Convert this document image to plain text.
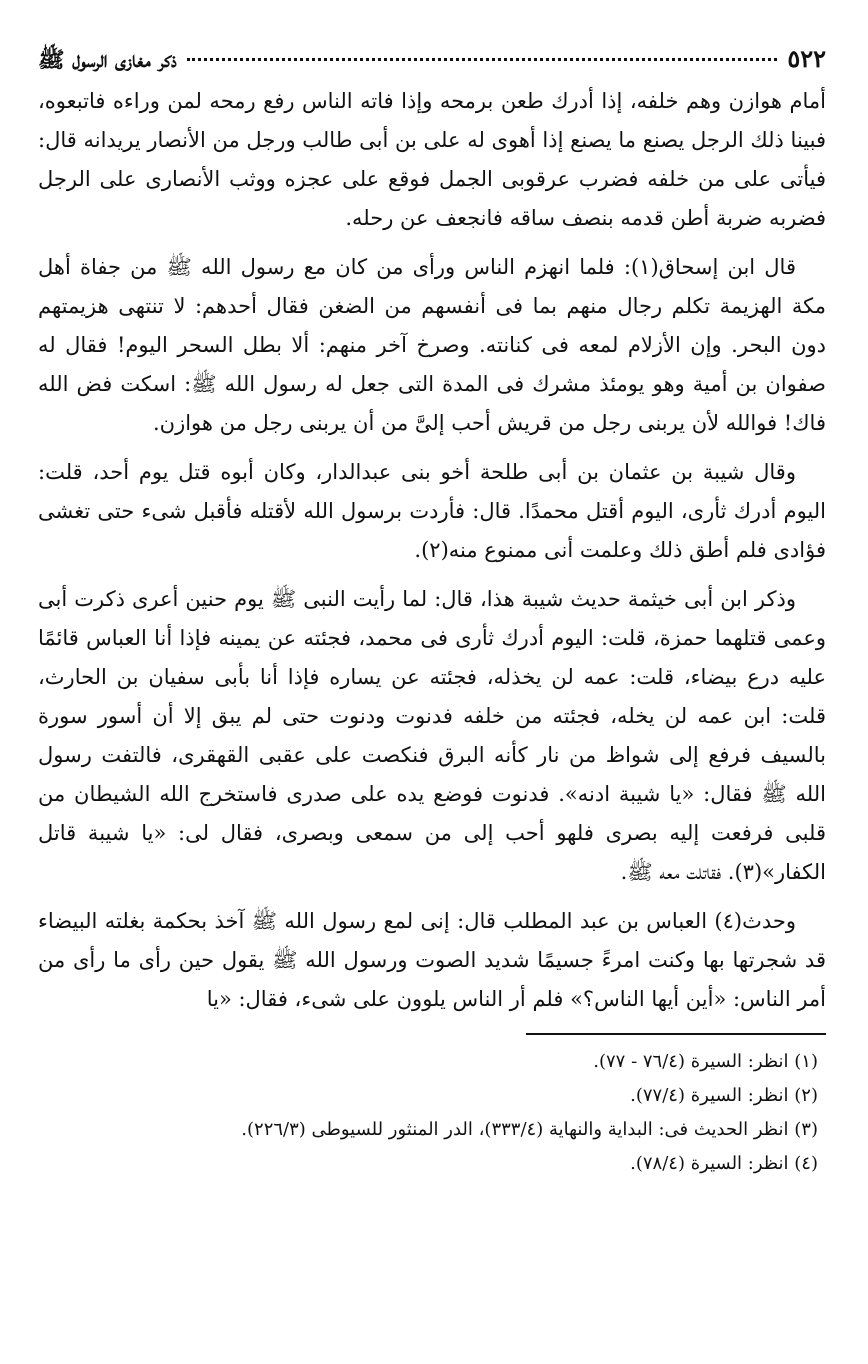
٥٢٢
ذكر مغازى الرسول ﷺ

أمام هوازن وهم خلفه، إذا أدرك طعن برمحه وإذا فاته الناس رفع رمحه لمن وراءه فاتبعوه، فبينا ذلك الرجل يصنع ما يصنع إذا أهوى له على بن أبى طالب ورجل من الأنصار يريدانه قال: فيأتى على من خلفه فضرب عرقوبى الجمل فوقع على عجزه ووثب الأنصارى على الرجل فضربه ضربة أطن قدمه بنصف ساقه فانجعف عن رحله.

قال ابن إسحاق(١): فلما انهزم الناس ورأى من كان مع رسول الله ﷺ من جفاة أهل مكة الهزيمة تكلم رجال منهم بما فى أنفسهم من الضغن فقال أحدهم: لا تنتهى هزيمتهم دون البحر. وإن الأزلام لمعه فى كنانته. وصرخ آخر منهم: ألا بطل السحر اليوم! فقال له صفوان بن أمية وهو يومئذ مشرك فى المدة التى جعل له رسول الله ﷺ: اسكت فض الله فاك! فوالله لأن يربنى رجل من قريش أحب إلىَّ من أن يربنى رجل من هوازن.

وقال شيبة بن عثمان بن أبى طلحة أخو بنى عبدالدار، وكان أبوه قتل يوم أحد، قلت: اليوم أدرك ثأرى، اليوم أقتل محمدًا. قال: فأردت برسول الله لأقتله فأقبل شىء حتى تغشى فؤادى فلم أطق ذلك وعلمت أنى ممنوع منه(٢).

وذكر ابن أبى خيثمة حديث شيبة هذا، قال: لما رأيت النبى ﷺ يوم حنين أعرى ذكرت أبى وعمى قتلهما حمزة، قلت: اليوم أدرك ثأرى فى محمد، فجئته عن يمينه فإذا أنا العباس قائمًا عليه درع بيضاء، قلت: عمه لن يخذله، فجئته عن يساره فإذا أنا بأبى سفيان بن الحارث، قلت: ابن عمه لن يخله، فجئته من خلفه فدنوت ودنوت حتى لم يبق إلا أن أسور سورة بالسيف فرفع إلى شواظ من نار كأنه البرق فنكصت على عقبى القهقرى، فالتفت رسول الله ﷺ فقال: «يا شيبة ادنه». فدنوت فوضع يده على صدرى فاستخرج الله الشيطان من قلبى فرفعت إليه بصرى فلهو أحب إلى من سمعى وبصرى، فقال لى: «يا شيبة قاتل الكفار»(٣). فقاتلت معه ﷺ.

وحدث(٤) العباس بن عبد المطلب قال: إنى لمع رسول الله ﷺ آخذ بحكمة بغلته البيضاء قد شجرتها بها وكنت امرءً جسيمًا شديد الصوت ورسول الله ﷺ يقول حين رأى ما رأى من أمر الناس: «أين أيها الناس؟» فلم أر الناس يلوون على شىء، فقال: «يا

(١) انظر: السيرة (٧٦/٤ - ٧٧).
(٢) انظر: السيرة (٧٧/٤).
(٣) انظر الحديث فى: البداية والنهاية (٣٣٣/٤)، الدر المنثور للسيوطى (٢٢٦/٣).
(٤) انظر: السيرة (٧٨/٤).
